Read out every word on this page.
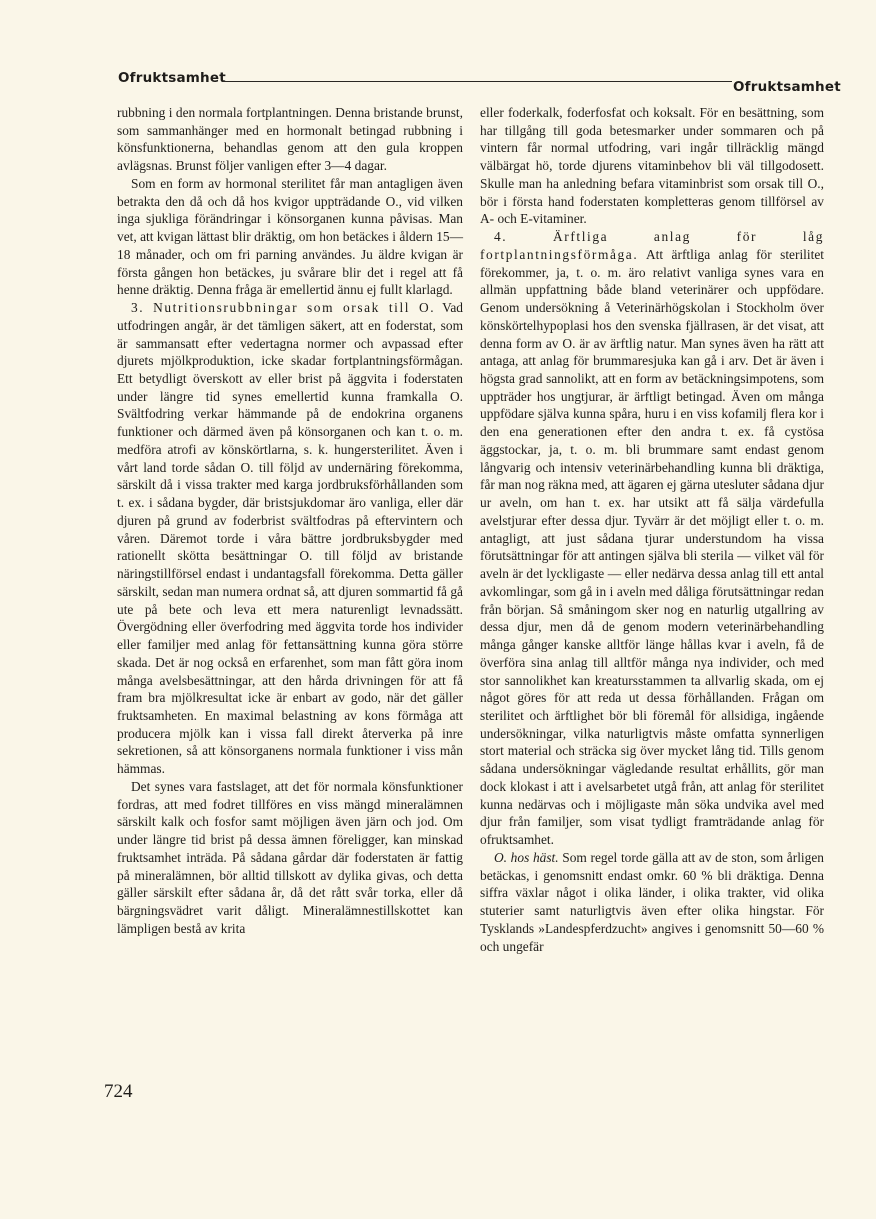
Ofruktsamhet
Ofruktsamhet

rubbning i den normala fortplantningen. Denna bristande brunst, som sammanhänger med en hormonalt betingad rubbning i könsfunktionerna, behandlas genom att den gula kroppen avlägsnas. Brunst följer vanligen efter 3—4 dagar.

Som en form av hormonal sterilitet får man antagligen även betrakta den då och då hos kvigor uppträdande O., vid vilken inga sjukliga förändringar i könsorganen kunna påvisas. Man vet, att kvigan lättast blir dräktig, om hon betäckes i åldern 15—18 månader, och om fri parning användes. Ju äldre kvigan är första gången hon betäckes, ju svårare blir det i regel att få henne dräktig. Denna fråga är emellertid ännu ej fullt klarlagd.

3. Nutritionsrubbningar som orsak till O. Vad utfodringen angår, är det tämligen säkert, att en foderstat, som är sammansatt efter vedertagna normer och avpassad efter djurets mjölkproduktion, icke skadar fortplantningsförmågan. Ett betydligt överskott av eller brist på äggvita i foderstaten under längre tid synes emellertid kunna framkalla O. Svältfodring verkar hämmande på de endokrina organens funktioner och därmed även på könsorganen och kan t. o. m. medföra atrofi av könskörtlarna, s. k. hungersterilitet. Även i vårt land torde sådan O. till följd av undernäring förekomma, särskilt då i vissa trakter med karga jordbruksförhållanden som t. ex. i sådana bygder, där bristsjukdomar äro vanliga, eller där djuren på grund av foderbrist svältfodras på eftervintern och våren. Däremot torde i våra bättre jordbruksbygder med rationellt skötta besättningar O. till följd av bristande näringstillförsel endast i undantagsfall förekomma. Detta gäller särskilt, sedan man numera ordnat så, att djuren sommartid få gå ute på bete och leva ett mera naturenligt levnadssätt. Övergödning eller överfodring med äggvita torde hos individer eller familjer med anlag för fettansättning kunna göra större skada. Det är nog också en erfarenhet, som man fått göra inom många avelsbesättningar, att den hårda drivningen för att få fram bra mjölkresultat icke är enbart av godo, när det gäller fruktsamheten. En maximal belastning av kons förmåga att producera mjölk kan i vissa fall direkt återverka på inre sekretionen, så att könsorganens normala funktioner i viss mån hämmas.

Det synes vara fastslaget, att det för normala könsfunktioner fordras, att med fodret tillföres en viss mängd mineralämnen särskilt kalk och fosfor samt möjligen även järn och jod. Om under längre tid brist på dessa ämnen föreligger, kan minskad fruktsamhet inträda. På sådana gårdar där foderstaten är fattig på mineralämnen, bör alltid tillskott av dylika givas, och detta gäller särskilt efter sådana år, då det rått svår torka, eller då bärgningsvädret varit dåligt. Mineralämnestillskottet kan lämpligen bestå av krita

eller foderkalk, foderfosfat och koksalt. För en besättning, som har tillgång till goda betesmarker under sommaren och på vintern får normal utfodring, vari ingår tillräcklig mängd välbärgat hö, torde djurens vitaminbehov bli väl tillgodosett. Skulle man ha anledning befara vitaminbrist som orsak till O., bör i första hand foderstaten kompletteras genom tillförsel av A- och E-vitaminer.

4. Ärftliga anlag för låg fortplantningsförmåga. Att ärftliga anlag för sterilitet förekommer, ja, t. o. m. äro relativt vanliga synes vara en allmän uppfattning både bland veterinärer och uppfödare. Genom undersökning å Veterinärhögskolan i Stockholm över könskörtelhypoplasi hos den svenska fjällrasen, är det visat, att denna form av O. är av ärftlig natur. Man synes även ha rätt att antaga, att anlag för brummaresjuka kan gå i arv. Det är även i högsta grad sannolikt, att en form av betäckningsimpotens, som uppträder hos ungtjurar, är ärftligt betingad. Även om många uppfödare själva kunna spåra, huru i en viss kofamilj flera kor i den ena generationen efter den andra t. ex. få cystösa äggstockar, ja, t. o. m. bli brummare samt endast genom långvarig och intensiv veterinärbehandling kunna bli dräktiga, får man nog räkna med, att ägaren ej gärna utesluter sådana djur ur aveln, om han t. ex. har utsikt att få sälja värdefulla avelstjurar efter dessa djur. Tyvärr är det möjligt eller t. o. m. antagligt, att just sådana tjurar understundom ha vissa förutsättningar för att antingen själva bli sterila — vilket väl för aveln är det lyckligaste — eller nedärva dessa anlag till ett antal avkomlingar, som gå in i aveln med dåliga förutsättningar redan från början. Så småningom sker nog en naturlig utgallring av dessa djur, men då de genom modern veterinärbehandling många gånger kanske alltför länge hållas kvar i aveln, få de överföra sina anlag till alltför många nya individer, och med stor sannolikhet kan kreatursstammen ta allvarlig skada, om ej något göres för att reda ut dessa förhållanden. Frågan om sterilitet och ärftlighet bör bli föremål för allsidiga, ingående undersökningar, vilka naturligtvis måste omfatta synnerligen stort material och sträcka sig över mycket lång tid. Tills genom sådana undersökningar vägledande resultat erhållits, gör man dock klokast i att i avelsarbetet utgå från, att anlag för sterilitet kunna nedärvas och i möjligaste mån söka undvika avel med djur från familjer, som visat tydligt framträdande anlag för ofruktsamhet.

O. hos häst. Som regel torde gälla att av de ston, som årligen betäckas, i genomsnitt endast omkr. 60 % bli dräktiga. Denna siffra växlar något i olika länder, i olika trakter, vid olika stuterier samt naturligtvis även efter olika hingstar. För Tysklands »Landespferdzucht» angives i genomsnitt 50—60 % och ungefär

724
